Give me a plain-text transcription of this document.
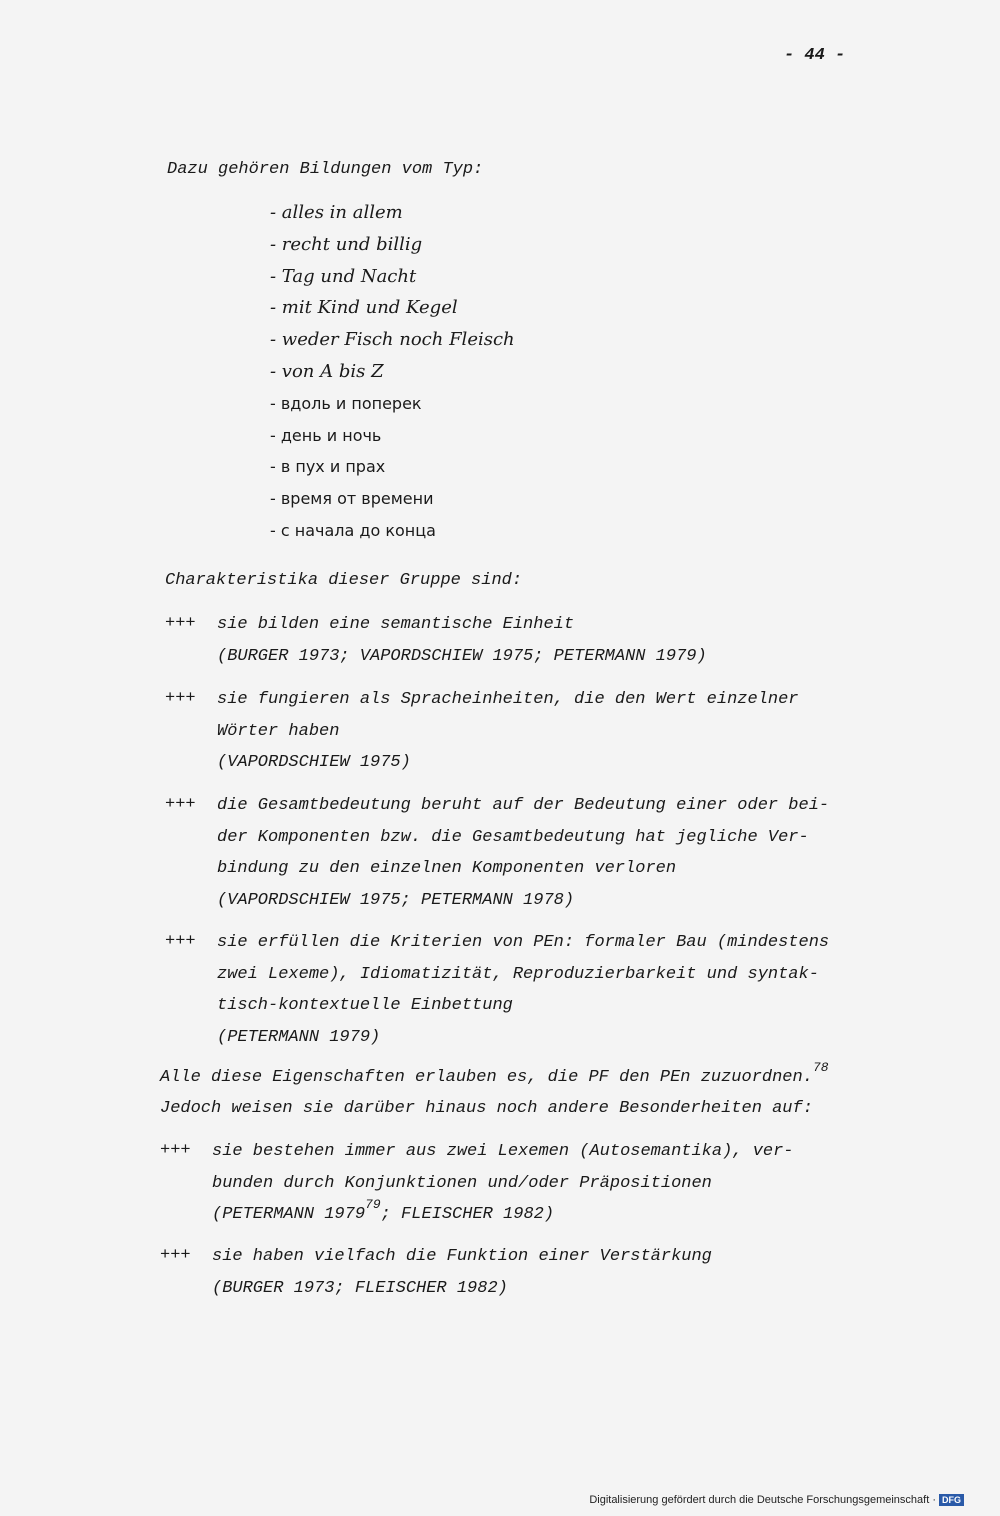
- 44 -
Dazu gehören Bildungen vom Typ:
- alles in allem
- recht und billig
- Tag und Nacht
- mit Kind und Kegel
- weder Fisch noch Fleisch
- von A bis Z
- вдоль и поперек
- день и ночь
- в пух и прах
- время от времени
- с начала до конца
Charakteristika dieser Gruppe sind:
+++ sie bilden eine semantische Einheit
(BURGER 1973; VAPORDSCHIEW 1975; PETERMANN 1979)
+++ sie fungieren als Spracheinheiten, die den Wert einzelner
Wörter haben
(VAPORDSCHIEW 1975)
+++ die Gesamtbedeutung beruht auf der Bedeutung einer oder bei-
der Komponenten bzw. die Gesamtbedeutung hat jegliche Ver-
bindung zu den einzelnen Komponenten verloren
(VAPORDSCHIEW 1975; PETERMANN 1978)
+++ sie erfüllen die Kriterien von PEn: formaler Bau (mindestens
zwei Lexeme), Idiomatizität, Reproduzierbarkeit und syntak-
tisch-kontextuelle Einbettung
(PETERMANN 1979)
Alle diese Eigenschaften erlauben es, die PF den PEn zuzuordnen.$^{78}$
Jedoch weisen sie darüber hinaus noch andere Besonderheiten auf:
+++ sie bestehen immer aus zwei Lexemen (Autosemantika), ver-
bunden durch Konjunktionen und/oder Präpositionen
(PETERMANN 1979$^{79}$; FLEISCHER 1982)
+++ sie haben vielfach die Funktion einer Verstärkung
(BURGER 1973; FLEISCHER 1982)
Digitalisierung gefördert durch die Deutsche Forschungsgemeinschaft · DFG
